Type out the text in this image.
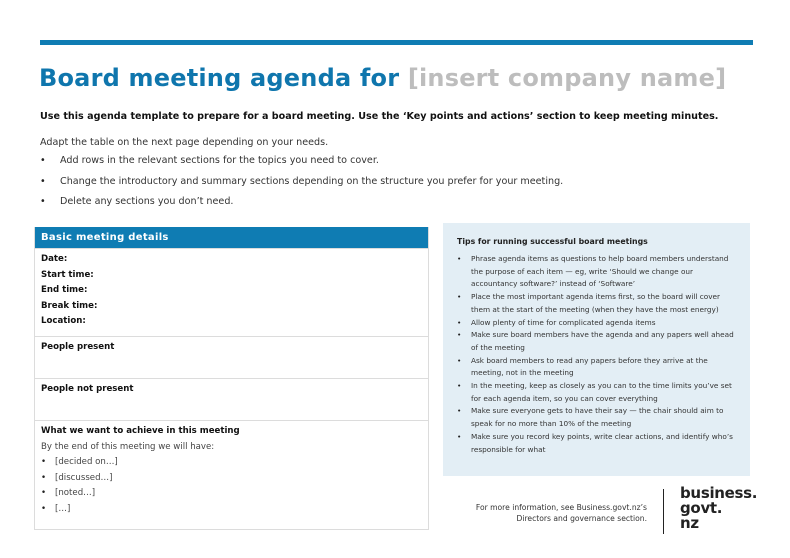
Board meeting agenda for [insert company name]
Use this agenda template to prepare for a board meeting. Use the ‘Key points and actions’ section to keep meeting minutes.
Adapt the table on the next page depending on your needs.
• Add rows in the relevant sections for the topics you need to cover.
• Change the introductory and summary sections depending on the structure you prefer for your meeting.
• Delete any sections you don’t need.
Basic meeting details
Date:
Start time:
End time:
Break time:
Location:
People present
People not present
What we want to achieve in this meeting
By the end of this meeting we will have:
• [decided on…]
• [discussed…]
• [noted…]
• […]
Tips for running successful board meetings
• Phrase agenda items as questions to help board members understand the purpose of each item — eg, write ‘Should we change our accountancy software?’ instead of ‘Software’
• Place the most important agenda items first, so the board will cover them at the start of the meeting (when they have the most energy)
• Allow plenty of time for complicated agenda items
• Make sure board members have the agenda and any papers well ahead of the meeting
• Ask board members to read any papers before they arrive at the meeting, not in the meeting
• In the meeting, keep as closely as you can to the time limits you’ve set for each agenda item, so you can cover everything
• Make sure everyone gets to have their say — the chair should aim to speak for no more than 10% of the meeting
• Make sure you record key points, write clear actions, and identify who’s responsible for what
For more information, see Business.govt.nz’s
Directors and governance section.
business.
govt.
nz
